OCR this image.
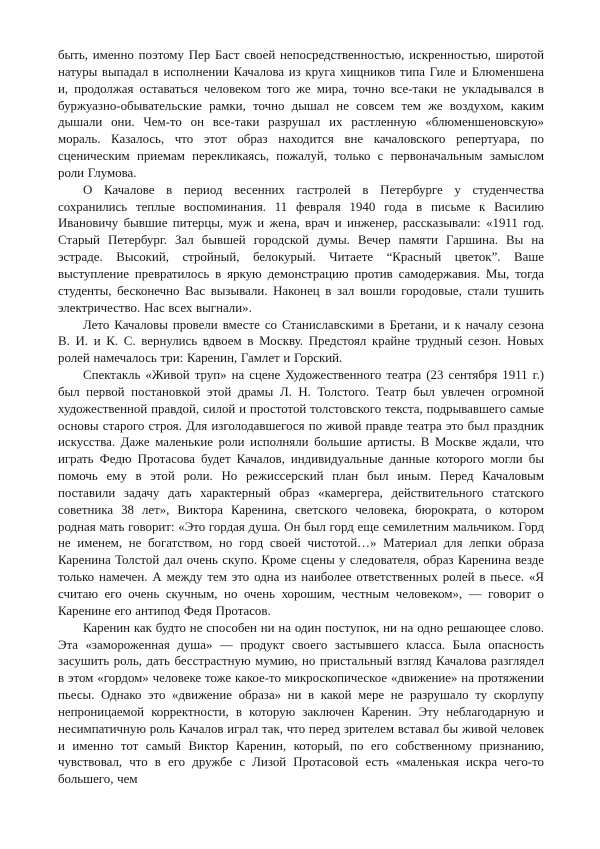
быть, именно поэтому Пер Баст своей непосредственностью, искренностью, широтой натуры выпадал в исполнении Качалова из круга хищников типа Гиле и Блюменшена и, продолжая оставаться человеком того же мира, точно все-таки не укладывался в буржуазно-обывательские рамки, точно дышал не совсем тем же воздухом, каким дышали они. Чем-то он все-таки разрушал их растленную «блюменшеновскую» мораль. Казалось, что этот образ находится вне качаловского репертуара, по сценическим приемам перекликаясь, пожалуй, только с первоначальным замыслом роли Глумова.

О Качалове в период весенних гастролей в Петербурге у студенчества сохранились теплые воспоминания. 11 февраля 1940 года в письме к Василию Ивановичу бывшие питерцы, муж и жена, врач и инженер, рассказывали: «1911 год. Старый Петербург. Зал бывшей городской думы. Вечер памяти Гаршина. Вы на эстраде. Высокий, стройный, белокурый. Читаете “Красный цветок”. Ваше выступление превратилось в яркую демонстрацию против самодержавия. Мы, тогда студенты, бесконечно Вас вызывали. Наконец в зал вошли городовые, стали тушить электричество. Нас всех выгнали».

Лето Качаловы провели вместе со Станиславскими в Бретани, и к началу сезона В. И. и К. С. вернулись вдвоем в Москву. Предстоял крайне трудный сезон. Новых ролей намечалось три: Каренин, Гамлет и Горский.

Спектакль «Живой труп» на сцене Художественного театра (23 сентября 1911 г.) был первой постановкой этой драмы Л. Н. Толстого. Театр был увлечен огромной художественной правдой, силой и простотой толстовского текста, подрывавшего самые основы старого строя. Для изголодавшегося по живой правде театра это был праздник искусства. Даже маленькие роли исполняли большие артисты. В Москве ждали, что играть Федю Протасова будет Качалов, индивидуальные данные которого могли бы помочь ему в этой роли. Но режиссерский план был иным. Перед Качаловым поставили задачу дать характерный образ «камергера, действительного статского советника 38 лет», Виктора Каренина, светского человека, бюрократа, о котором родная мать говорит: «Это гордая душа. Он был горд еще семилетним мальчиком. Горд не именем, не богатством, но горд своей чистотой…» Материал для лепки образа Каренина Толстой дал очень скупо. Кроме сцены у следователя, образ Каренина везде только намечен. А между тем это одна из наиболее ответственных ролей в пьесе. «Я считаю его очень скучным, но очень хорошим, честным человеком», — говорит о Каренине его антипод Федя Протасов.

Каренин как будто не способен ни на один поступок, ни на одно решающее слово. Эта «замороженная душа» — продукт своего застывшего класса. Была опасность засушить роль, дать бесстрастную мумию, но пристальный взгляд Качалова разглядел в этом «гордом» человеке тоже какое-то микроскопическое «движение» на протяжении пьесы. Однако это «движение образа» ни в какой мере не разрушало ту скорлупу непроницаемой корректности, в которую заключен Каренин. Эту неблагодарную и несимпатичную роль Качалов играл так, что перед зрителем вставал бы живой человек и именно тот самый Виктор Каренин, который, по его собственному признанию, чувствовал, что в его дружбе с Лизой Протасовой есть «маленькая искра чего-то большего, чем
